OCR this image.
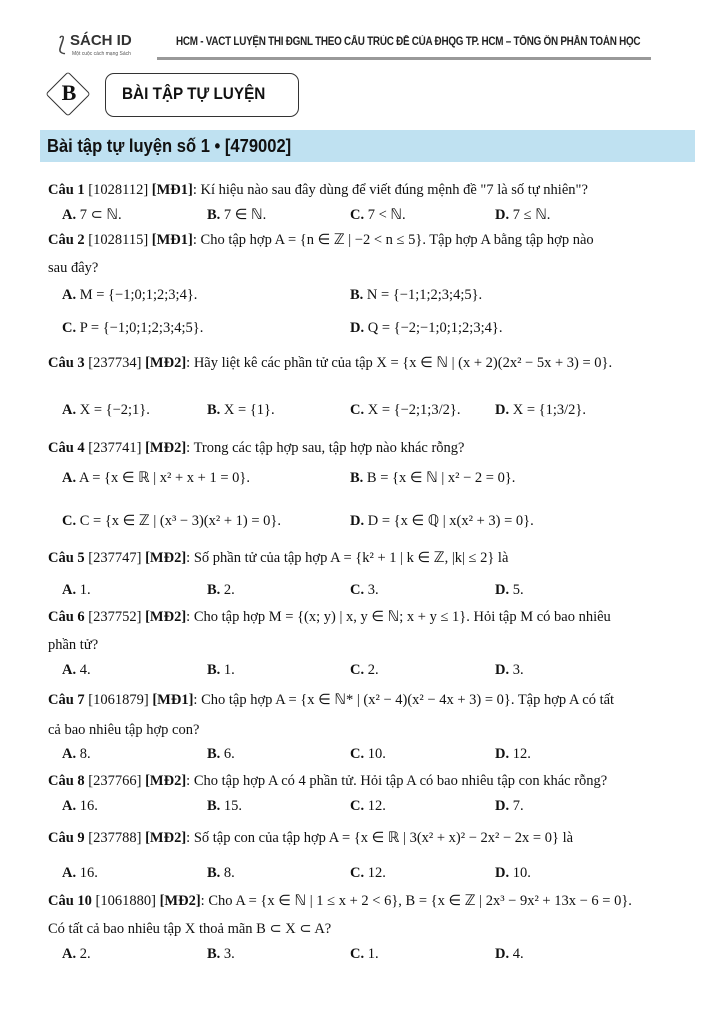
⟅ SÁCH ID
Một cuộc cách mạng Sách
HCM - VACT LUYỆN THI ĐGNL THEO CẤU TRÚC ĐỀ CỦA ĐHQG TP. HCM – TỔNG ÔN PHẦN TOÁN HỌC
B	BÀI TẬP TỰ LUYỆN
Bài tập tự luyện số 1 • [479002]
Câu 1 [1028112] [MĐ1]: Kí hiệu nào sau đây dùng để viết đúng mệnh đề "7 là số tự nhiên"?
A. 7 ⊂ ℕ.	B. 7 ∈ ℕ.	C. 7 < ℕ.	D. 7 ≤ ℕ.
Câu 2 [1028115] [MĐ1]: Cho tập hợp A = {n ∈ ℤ | −2 < n ≤ 5}. Tập hợp A bằng tập hợp nào
sau đây?
A. M = {−1;0;1;2;3;4}.	B. N = {−1;1;2;3;4;5}.
C. P = {−1;0;1;2;3;4;5}.	D. Q = {−2;−1;0;1;2;3;4}.
Câu 3 [237734] [MĐ2]: Hãy liệt kê các phần tử của tập X = {x ∈ ℕ | (x + 2)(2x² − 5x + 3) = 0}.
A. X = {−2;1}.	B. X = {1}.	C. X = {−2;1;3/2}. D. X = {1;3/2}.
Câu 4 [237741] [MĐ2]: Trong các tập hợp sau, tập hợp nào khác rỗng?
A. A = {x ∈ ℝ | x² + x + 1 = 0}.	B. B = {x ∈ ℕ | x² − 2 = 0}.
C. C = {x ∈ ℤ | (x³ − 3)(x² + 1) = 0}.	D. D = {x ∈ ℚ | x(x² + 3) = 0}.
Câu 5 [237747] [MĐ2]: Số phần tử của tập hợp A = {k² + 1 | k ∈ ℤ, |k| ≤ 2} là
A. 1.	B. 2.	C. 3.	D. 5.
Câu 6 [237752] [MĐ2]: Cho tập hợp M = {(x; y) | x, y ∈ ℕ; x + y ≤ 1}. Hỏi tập M có bao nhiêu
phần tử?
A. 4.	B. 1.	C. 2.	D. 3.
Câu 7 [1061879] [MĐ1]: Cho tập hợp A = {x ∈ ℕ* | (x² − 4)(x² − 4x + 3) = 0}. Tập hợp A có tất
cả bao nhiêu tập hợp con?
A. 8.	B. 6.	C. 10.	D. 12.
Câu 8 [237766] [MĐ2]: Cho tập hợp A có 4 phần tử. Hỏi tập A có bao nhiêu tập con khác rỗng?
A. 16.	B. 15.	C. 12.	D. 7.
Câu 9 [237788] [MĐ2]: Số tập con của tập hợp A = {x ∈ ℝ | 3(x² + x)² − 2x² − 2x = 0} là
A. 16.	B. 8.	C. 12.	D. 10.
Câu 10 [1061880] [MĐ2]: Cho A = {x ∈ ℕ | 1 ≤ x + 2 < 6}, B = {x ∈ ℤ | 2x³ − 9x² + 13x − 6 = 0}.
Có tất cả bao nhiêu tập X thoả mãn B ⊂ X ⊂ A?
A. 2.	B. 3.	C. 1.	D. 4.
